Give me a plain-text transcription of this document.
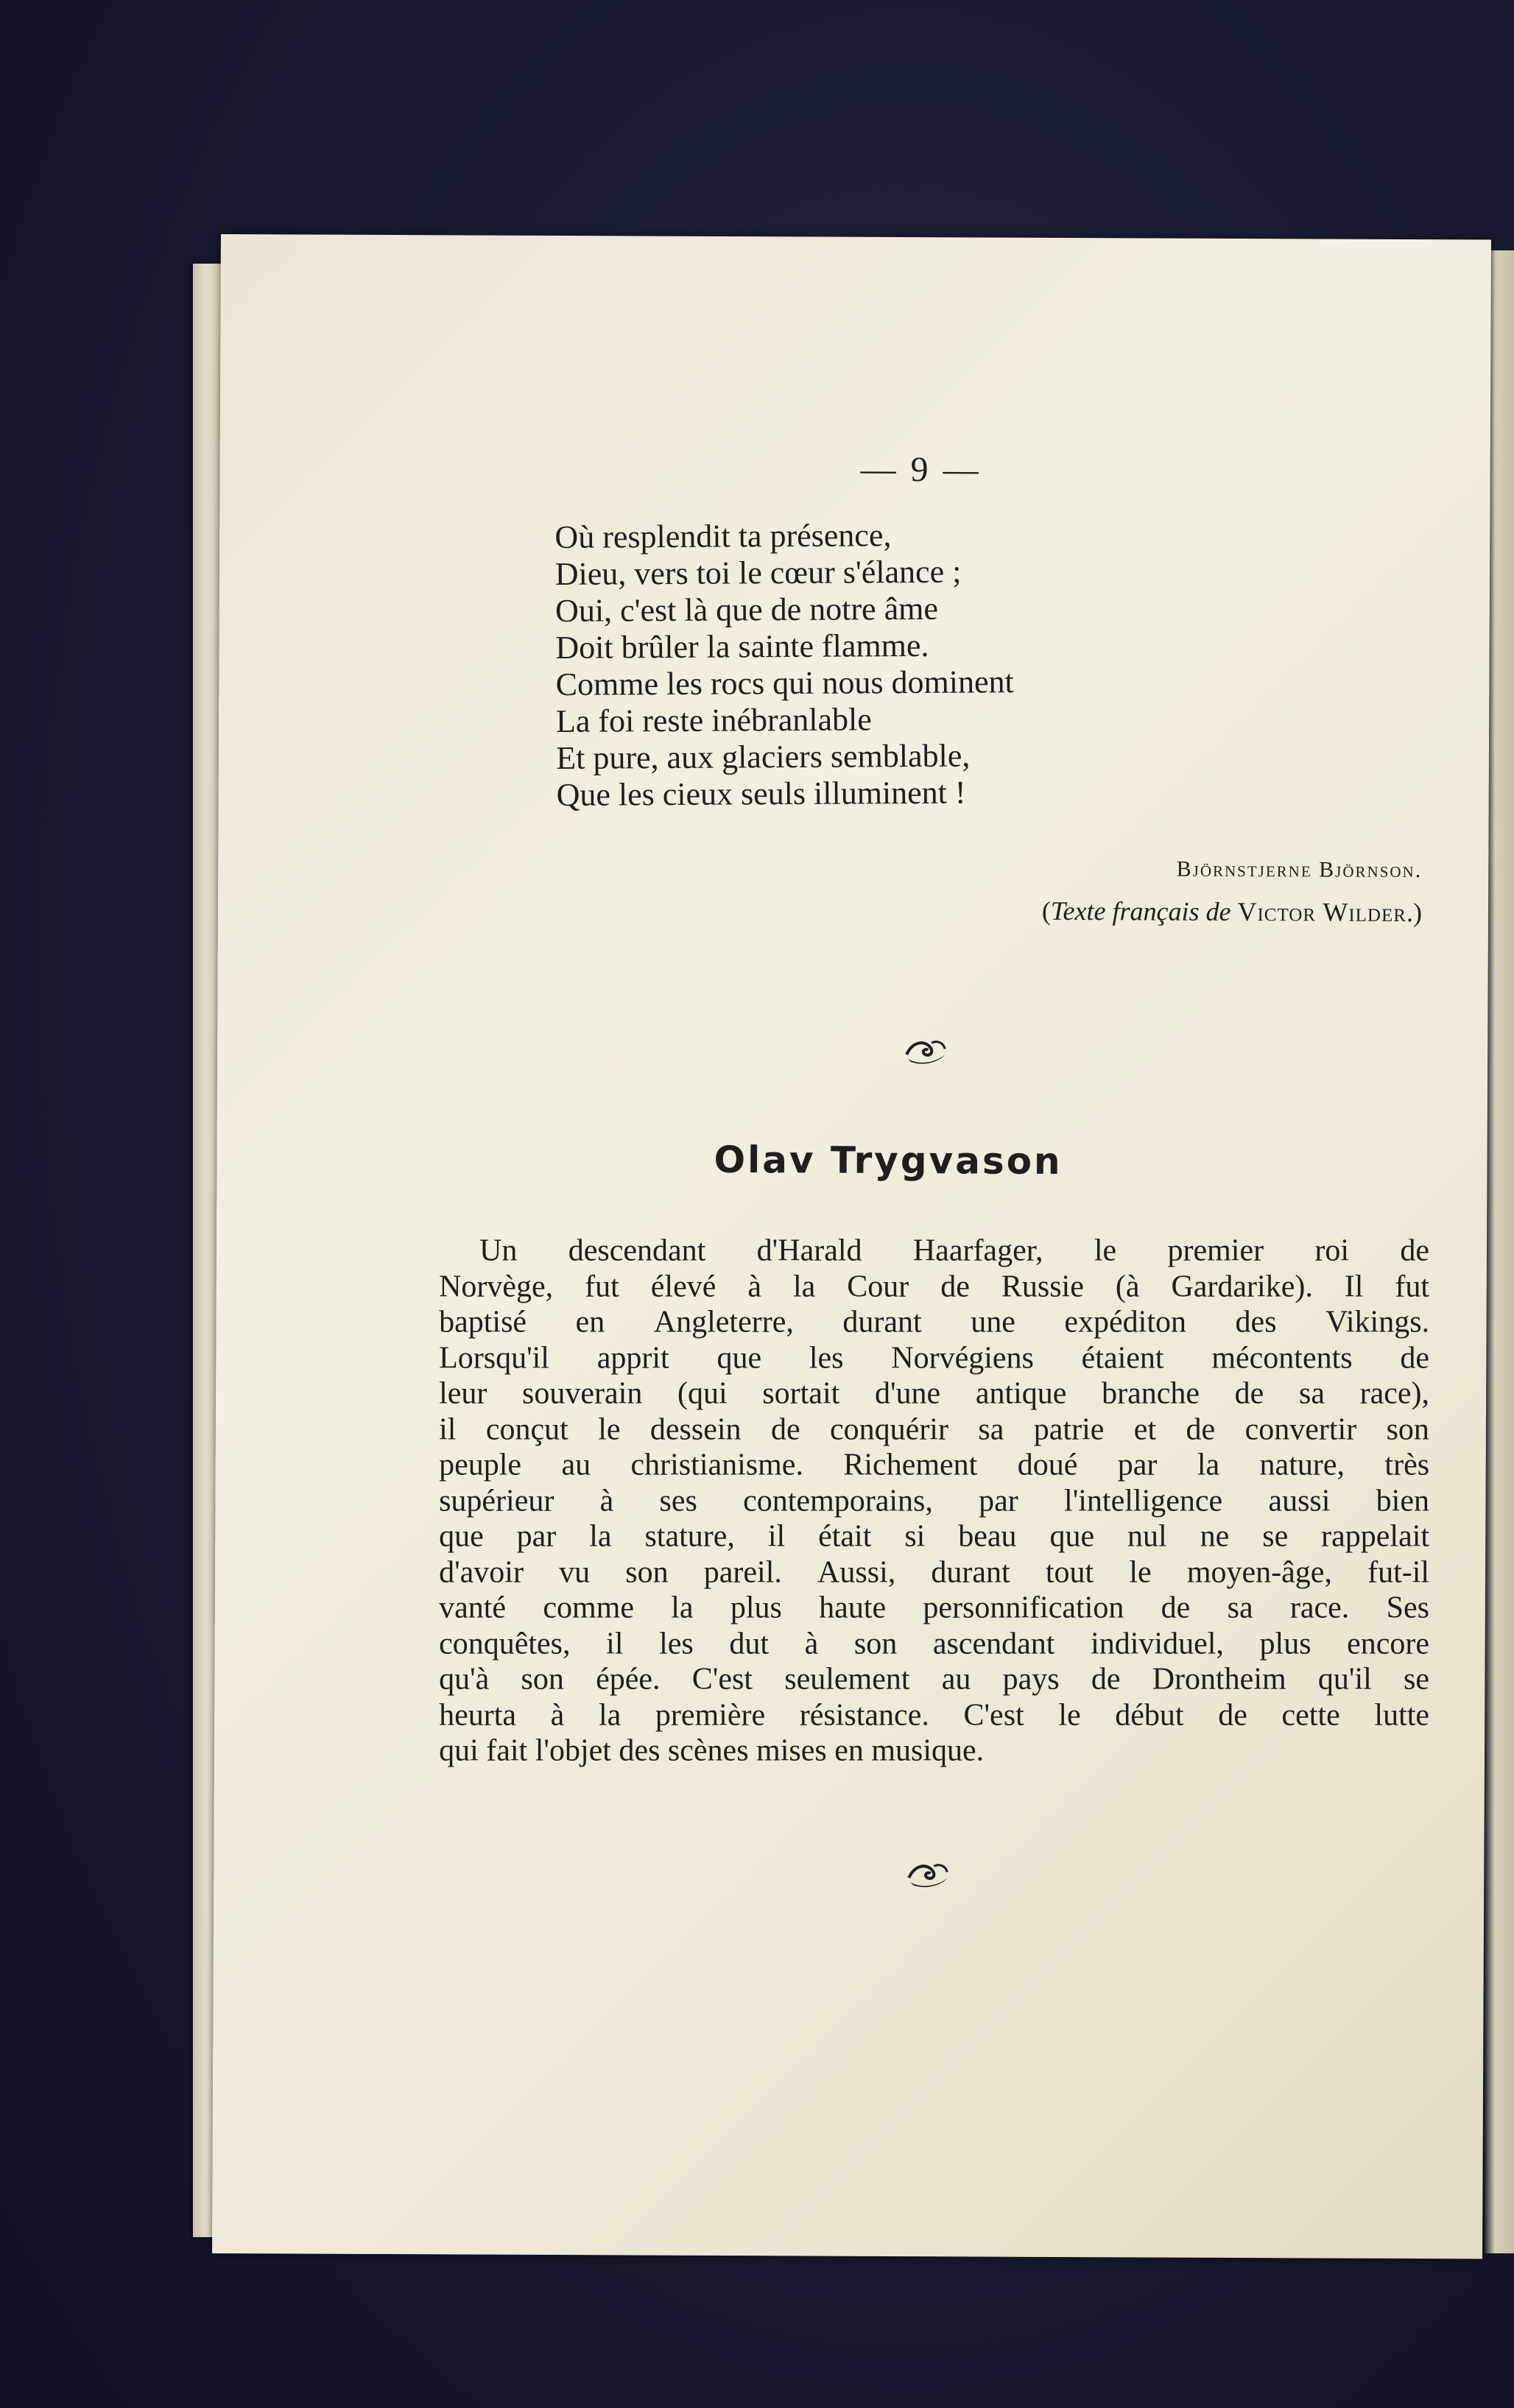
— 9 —
Où resplendit ta présence,
Dieu, vers toi le cœur s'élance ;
Oui, c'est là que de notre âme
Doit brûler la sainte flamme.
Comme les rocs qui nous dominent
La foi reste inébranlable
Et pure, aux glaciers semblable,
Que les cieux seuls illuminent !
Björnstjerne Björnson.
(Texte français de Victor Wilder.)
Olav Trygvason
Un descendant d'Harald Haarfager, le premier roi de
Norvège, fut élevé à la Cour de Russie (à Gardarike). Il fut
baptisé en Angleterre, durant une expéditon des Vikings.
Lorsqu'il apprit que les Norvégiens étaient mécontents de
leur souverain (qui sortait d'une antique branche de sa race),
il conçut le dessein de conquérir sa patrie et de convertir son
peuple au christianisme. Richement doué par la nature, très
supérieur à ses contemporains, par l'intelligence aussi bien
que par la stature, il était si beau que nul ne se rappelait
d'avoir vu son pareil. Aussi, durant tout le moyen-âge, fut-il
vanté comme la plus haute personnification de sa race. Ses
conquêtes, il les dut à son ascendant individuel, plus encore
qu'à son épée. C'est seulement au pays de Drontheim qu'il se
heurta à la première résistance. C'est le début de cette lutte
qui fait l'objet des scènes mises en musique.
